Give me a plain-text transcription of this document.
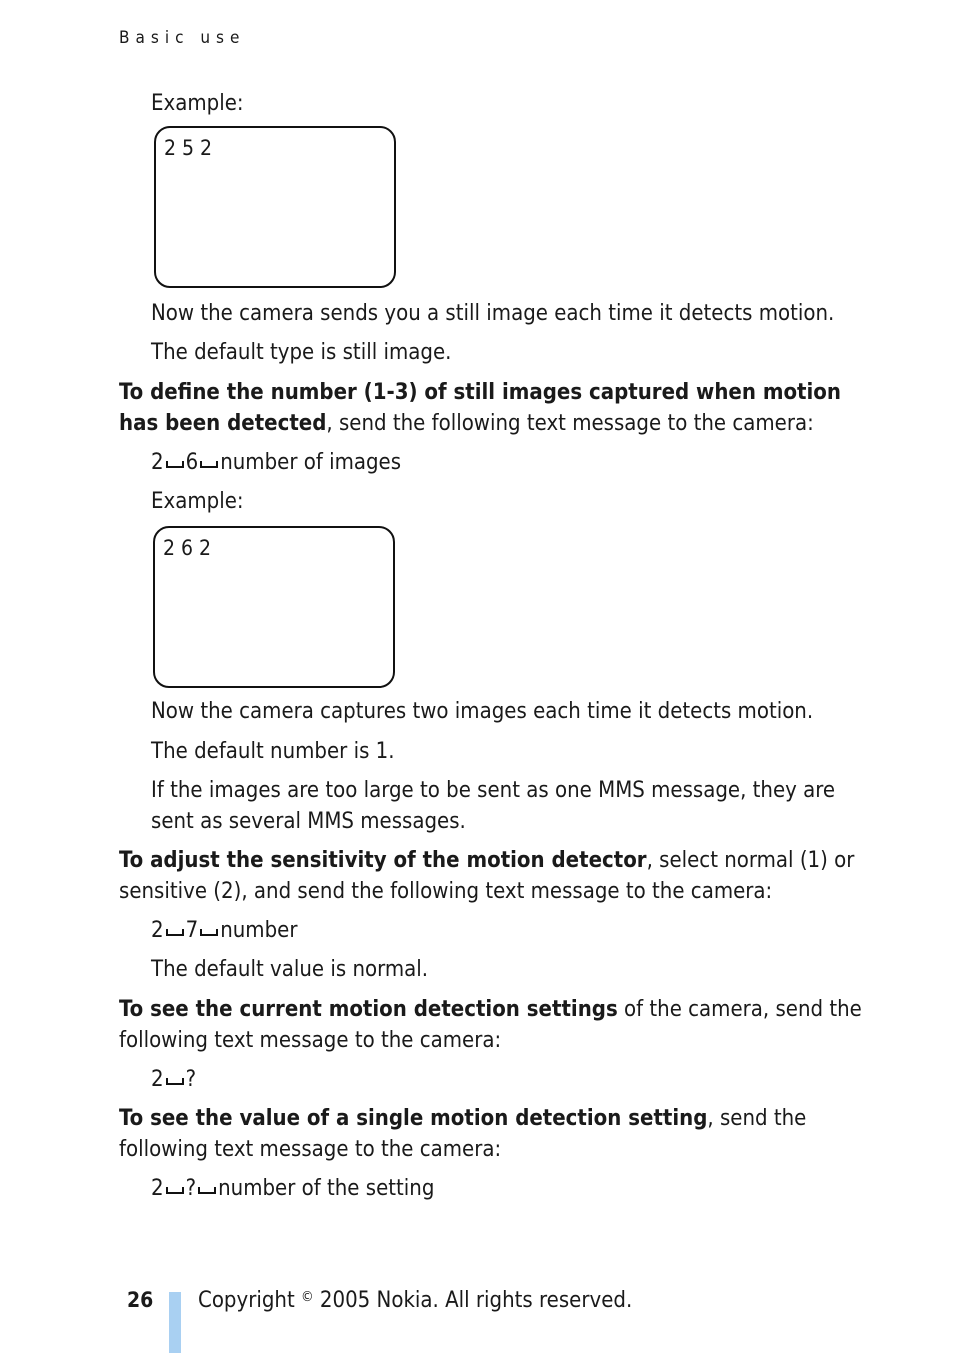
Basic use
Example:
2 5 2
Now the camera sends you a still image each time it detects motion.
The default type is still image.
To define the number (1-3) of still images captured when motion
has been detected, send the following text message to the camera:
2 6 number of images
Example:
2 6 2
Now the camera captures two images each time it detects motion.
The default number is 1.
If the images are too large to be sent as one MMS message, they are
sent as several MMS messages.
To adjust the sensitivity of the motion detector, select normal (1) or
sensitive (2), and send the following text message to the camera:
2 7 number
The default value is normal.
To see the current motion detection settings of the camera, send the
following text message to the camera:
2 ?
To see the value of a single motion detection setting, send the
following text message to the camera:
2 ? number of the setting
26 Copyright © 2005 Nokia. All rights reserved.
